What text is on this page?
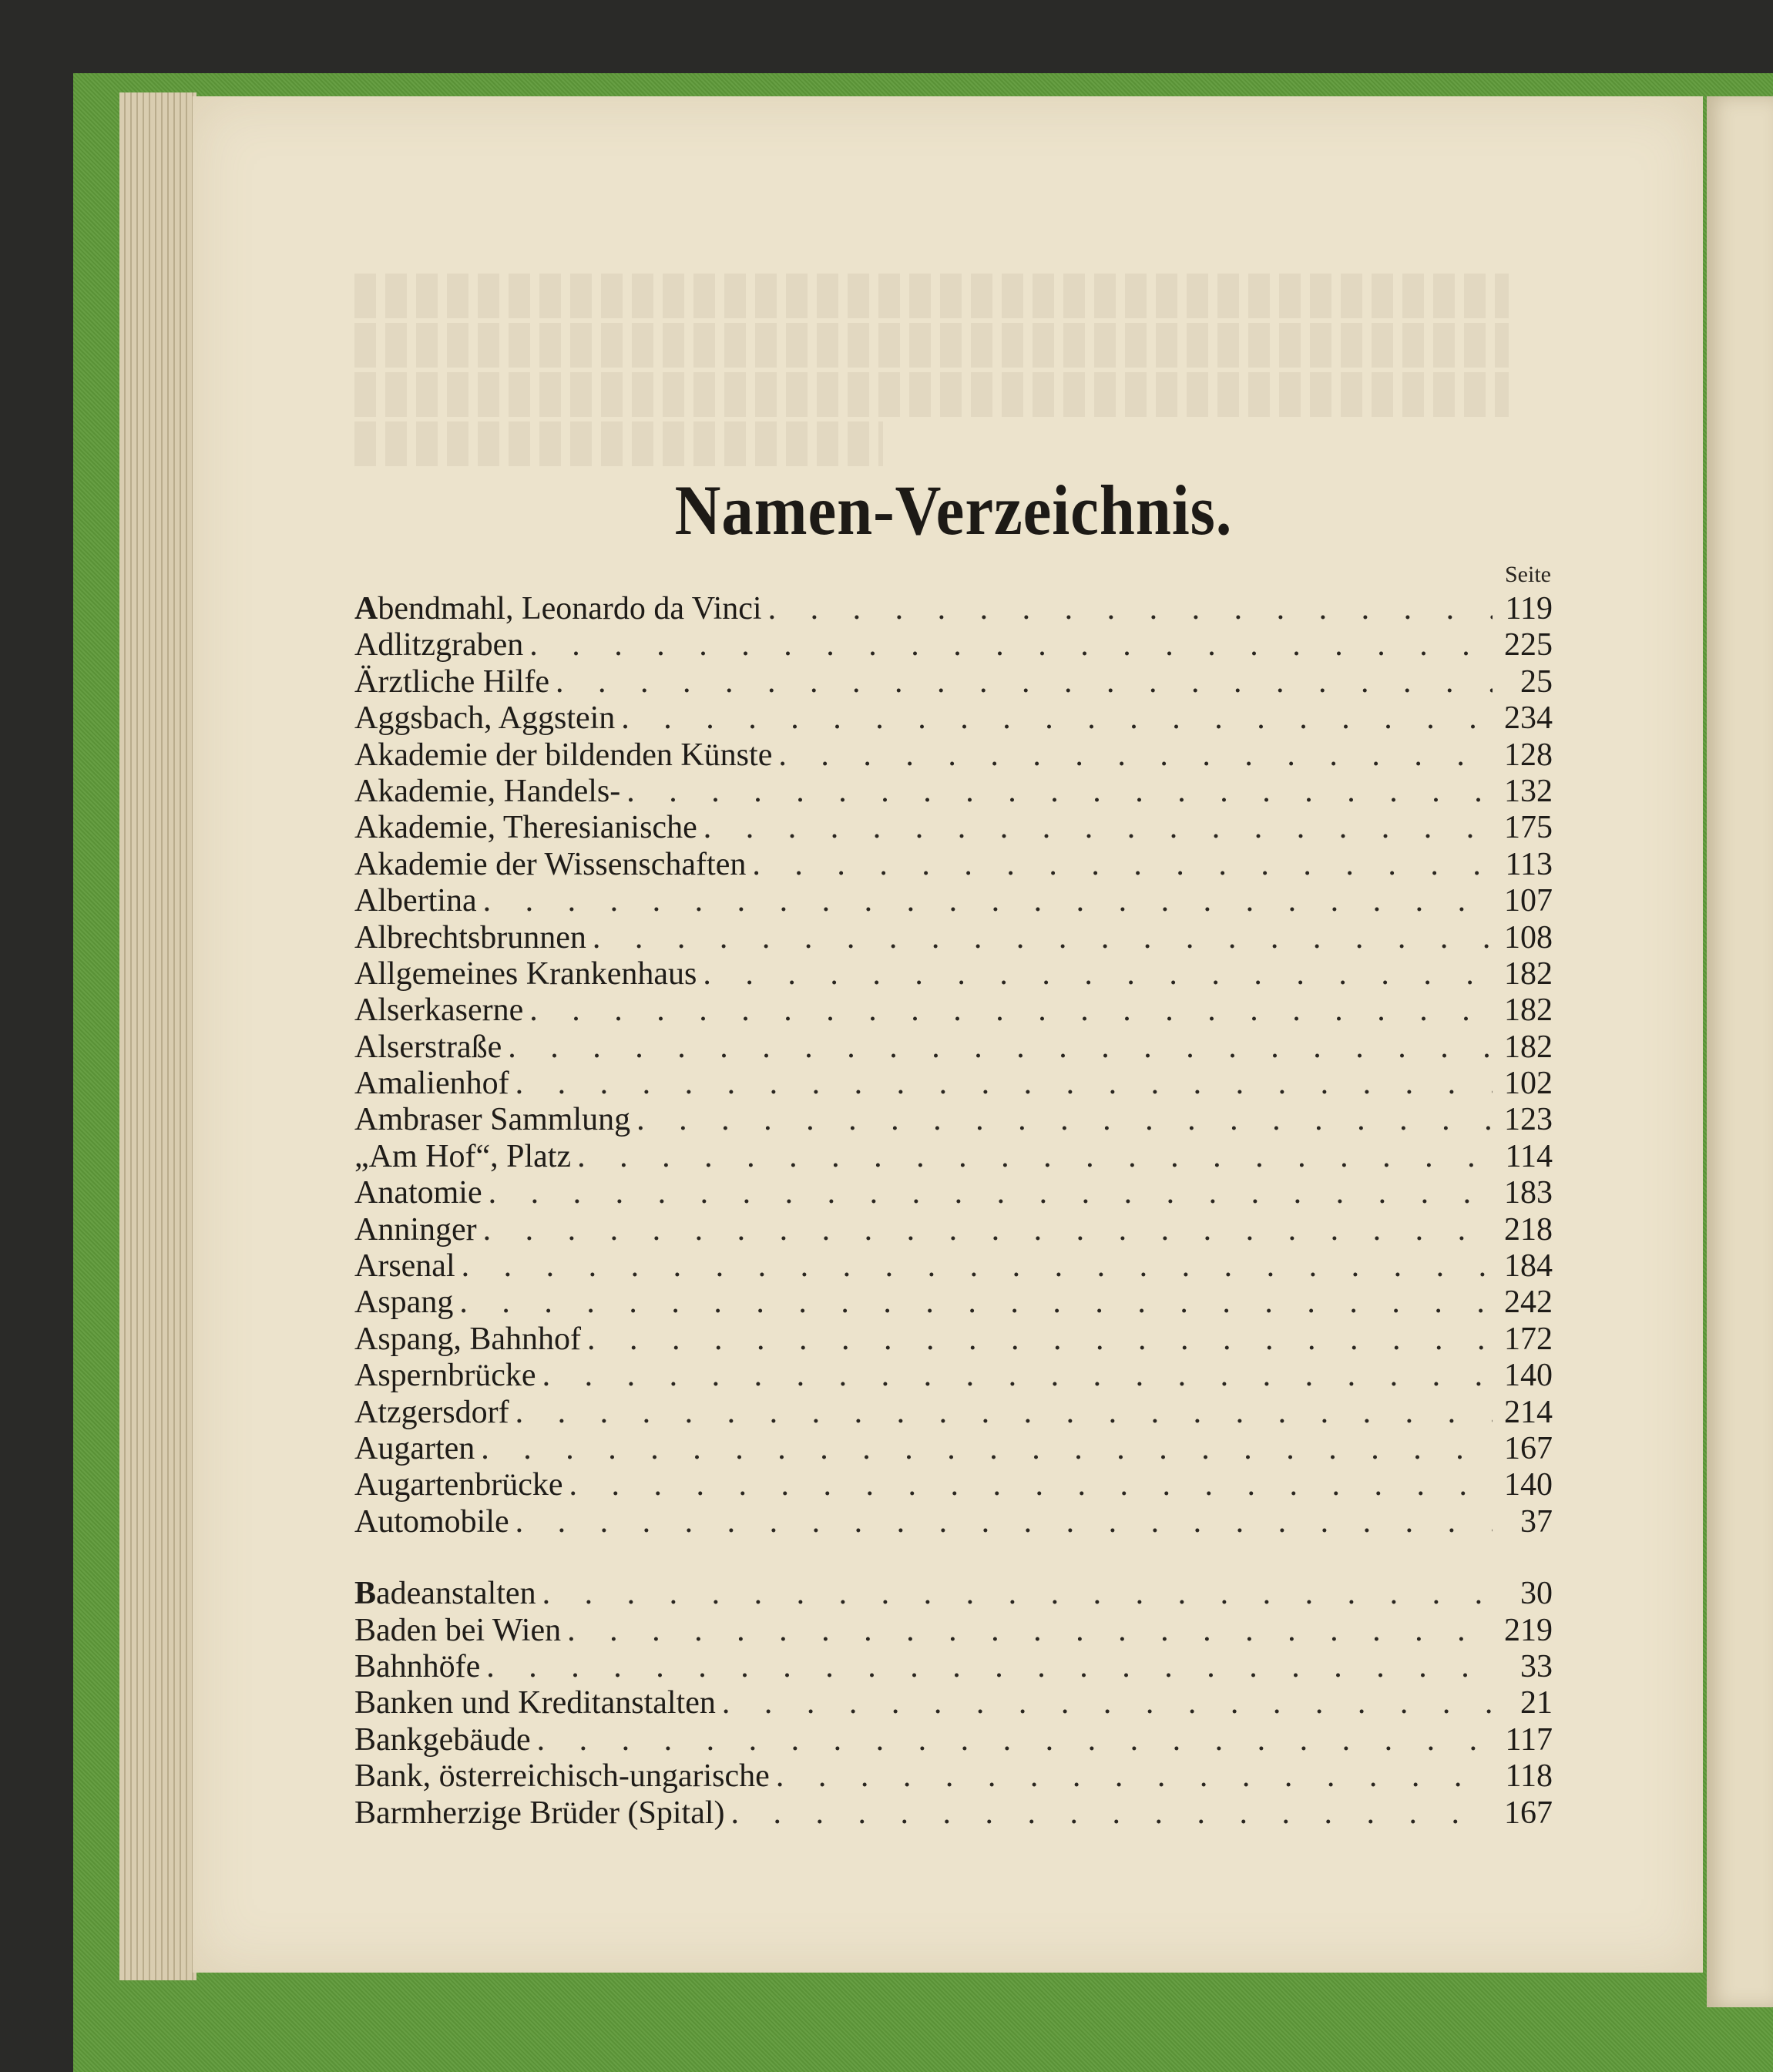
Namen-Verzeichnis.
Seite
Abendmahl, Leonardo da Vinci . . .	119
Adlitzgraben . . .	225
Ärztliche Hilfe . . .	25
Aggsbach, Aggstein . . .	234
Akademie der bildenden Künste . . .	128
Akademie, Handels- . . .	132
Akademie, Theresianische . . .	175
Akademie der Wissenschaften . . .	113
Albertina . . .	107
Albrechtsbrunnen . . .	108
Allgemeines Krankenhaus . . .	182
Alserkaserne . . .	182
Alserstraße . . .	182
Amalienhof . . .	102
Ambraser Sammlung . . .	123
„Am Hof“, Platz . . .	114
Anatomie . . .	183
Anninger . . .	218
Arsenal . . .	184
Aspang . . .	242
Aspang, Bahnhof . . .	172
Aspernbrücke . . .	140
Atzgersdorf . . .	214
Augarten . . .	167
Augartenbrücke . . .	140
Automobile . . .	37
Badeanstalten . . .	30
Baden bei Wien . . .	219
Bahnhöfe . . .	33
Banken und Kreditanstalten . . .	21
Bankgebäude . . .	117
Bank, österreichisch-ungarische . . .	118
Barmherzige Brüder (Spital) . . .	167
